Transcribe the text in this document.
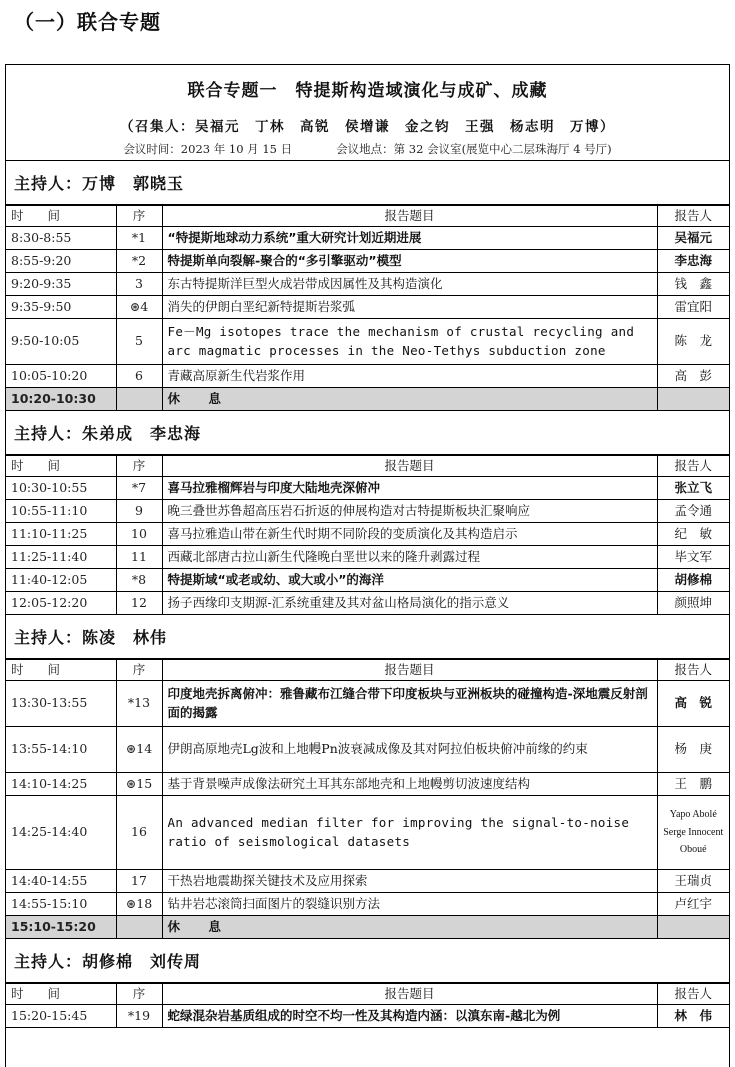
（一）联合专题
联合专题一　特提斯构造域演化与成矿、成藏
（召集人：吴福元　丁林　高锐　侯增谦　金之钧　王强　杨志明　万博）
会议时间：2023 年 10 月 15 日	会议地点：第 32 会议室(展览中心二层珠海厅 4 号厅)
主持人：万博　郭晓玉
时 间	序	报告题目	报告人
8:30-8:55	*1	“特提斯地球动力系统”重大研究计划近期进展	吴福元
8:55-9:20	*2	特提斯单向裂解-聚合的“多引擎驱动”模型	李忠海
9:20-9:35	3	东古特提斯洋巨型火成岩带成因属性及其构造演化	钱　鑫
9:35-9:50	⊛4	消失的伊朗白垩纪新特提斯岩浆弧	雷宜阳
9:50-10:05	5	Fe－Mg isotopes trace the mechanism of crustal recycling and arc magmatic processes in the Neo-Tethys subduction zone	陈　龙
10:05-10:20	6	青藏高原新生代岩浆作用	高　彭
10:20-10:30		休 息	
主持人：朱弟成　李忠海
时 间	序	报告题目	报告人
10:30-10:55	*7	喜马拉雅榴辉岩与印度大陆地壳深俯冲	张立飞
10:55-11:10	9	晚三叠世苏鲁超高压岩石折返的伸展构造对古特提斯板块汇聚响应	孟令通
11:10-11:25	10	喜马拉雅造山带在新生代时期不同阶段的变质演化及其构造启示	纪　敏
11:25-11:40	11	西藏北部唐古拉山新生代隆晚白垩世以来的隆升剥露过程	毕文军
11:40-12:05	*8	特提斯域“或老或幼、或大或小”的海洋	胡修棉
12:05-12:20	12	扬子西缘印支期源-汇系统重建及其对盆山格局演化的指示意义	颜照坤
主持人：陈凌　林伟
时 间	序	报告题目	报告人
13:30-13:55	*13	印度地壳拆离俯冲：雅鲁藏布江缝合带下印度板块与亚洲板块的碰撞构造-深地震反射剖面的揭露	高　锐
13:55-14:10	⊛14	伊朗高原地壳Lg波和上地幔Pn波衰减成像及其对阿拉伯板块俯冲前缘的约束	杨　庚
14:10-14:25	⊛15	基于背景噪声成像法研究土耳其东部地壳和上地幔剪切波速度结构	王　鹏
14:25-14:40	16	An advanced median filter for improving the signal-to-noise ratio of seismological datasets	Yapo Abolé Serge Innocent Oboué
14:40-14:55	17	干热岩地震勘探关键技术及应用探索	王瑞贞
14:55-15:10	⊛18	钻井岩芯滚筒扫面图片的裂缝识别方法	卢红宇
15:10-15:20		休 息	
主持人：胡修棉　刘传周
时 间	序	报告题目	报告人
15:20-15:45	*19	蛇绿混杂岩基质组成的时空不均一性及其构造内涵：以滇东南-越北为例	林　伟
